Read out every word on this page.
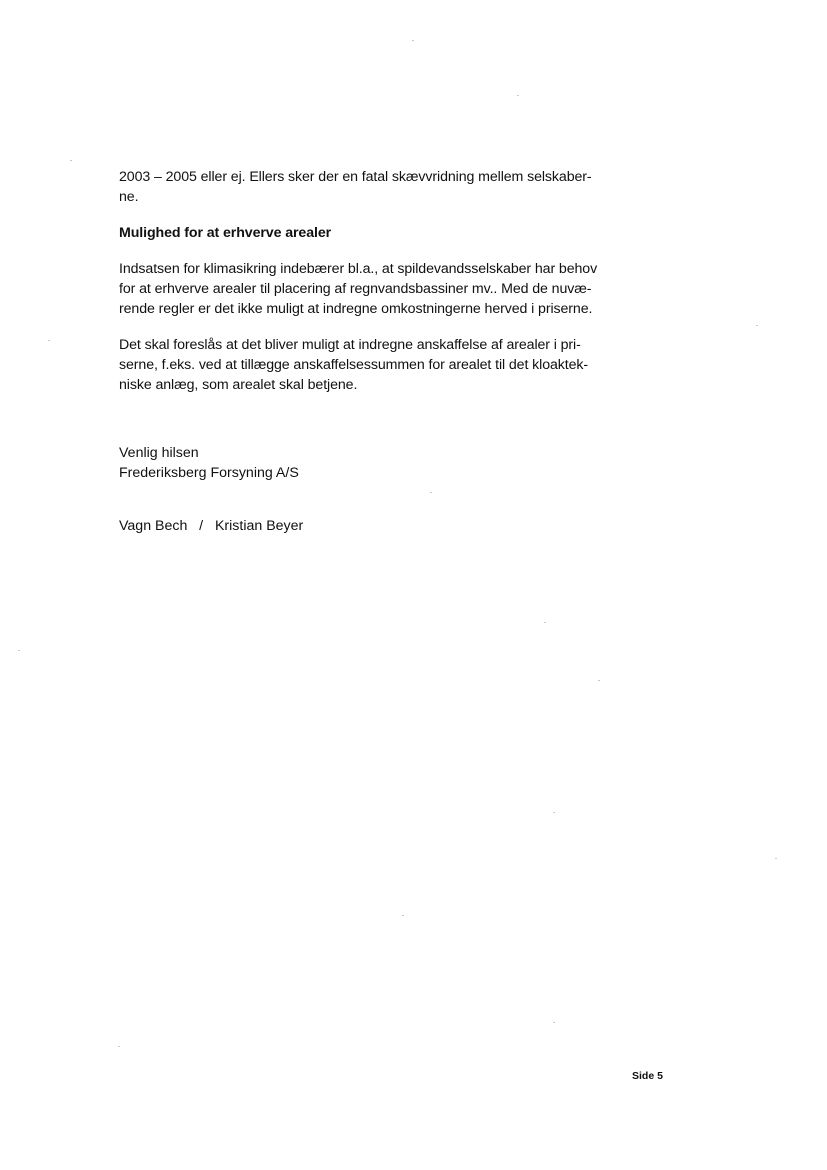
2003 – 2005 eller ej. Ellers sker der en fatal skævvridning mellem selskaber-
ne.

Mulighed for at erhverve arealer

Indsatsen for klimasikring indebærer bl.a., at spildevandsselskaber har behov
for at erhverve arealer til placering af regnvandsbassiner mv.. Med de nuvæ-
rende regler er det ikke muligt at indregne omkostningerne herved i priserne.

Det skal foreslås at det bliver muligt at indregne anskaffelse af arealer i pri-
serne, f.eks. ved at tillægge anskaffelsessummen for arealet til det kloaktek-
niske anlæg, som arealet skal betjene.

Venlig hilsen
Frederiksberg Forsyning A/S
Vagn Bech   /   Kristian Beyer
Side 5
